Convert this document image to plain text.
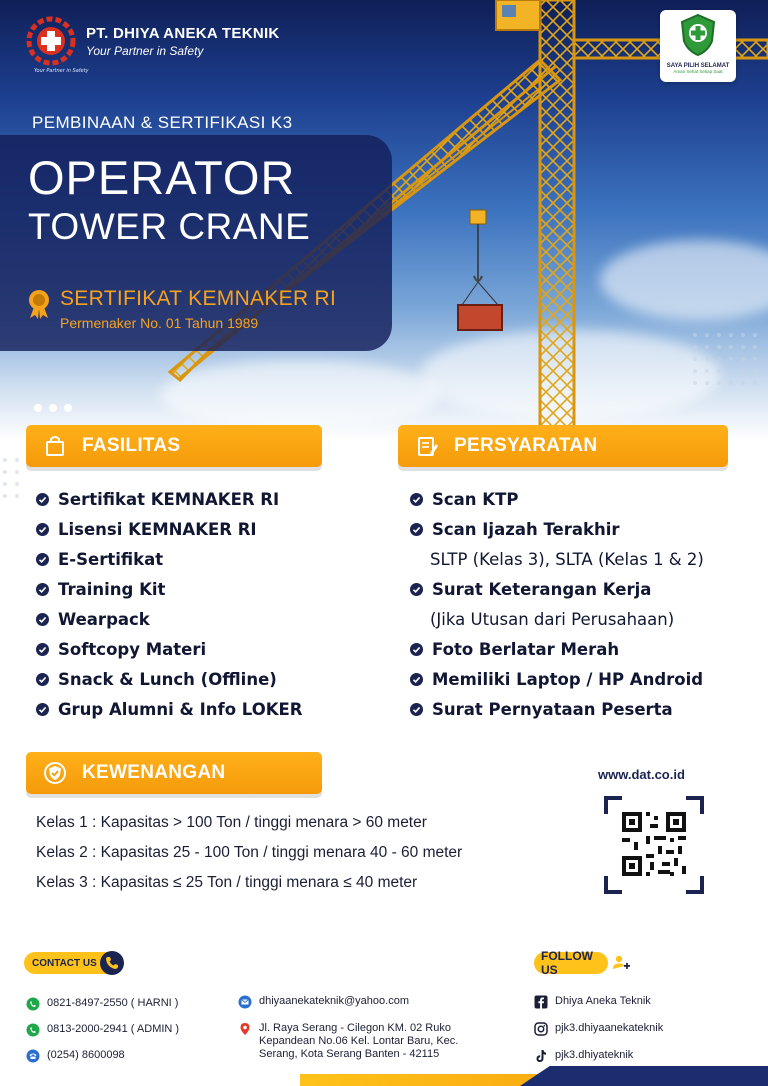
PT. DHIYA ANEKA TEKNIK
Your Partner in Safety
Your Partner in Safety
SAYA PILIH SELAMAT
Aman Sehat Setiap Saat
PEMBINAAN & SERTIFIKASI K3
OPERATOR
TOWER CRANE
SERTIFIKAT KEMNAKER RI
Permenaker No. 01 Tahun 1989
FASILITAS
Sertifikat KEMNAKER RI
Lisensi KEMNAKER RI
E-Sertifikat
Training Kit
Wearpack
Softcopy Materi
Snack & Lunch (Offline)
Grup Alumni & Info LOKER
PERSYARATAN
Scan KTP
Scan Ijazah Terakhir
SLTP (Kelas 3), SLTA (Kelas 1 & 2)
Surat Keterangan Kerja
(Jika Utusan dari Perusahaan)
Foto Berlatar Merah
Memiliki Laptop / HP Android
Surat Pernyataan Peserta
KEWENANGAN
Kelas 1 : Kapasitas > 100 Ton / tinggi menara > 60 meter
Kelas 2 : Kapasitas 25 - 100 Ton / tinggi menara 40 - 60 meter
Kelas 3 : Kapasitas ≤ 25 Ton / tinggi menara ≤ 40 meter
www.dat.co.id
CONTACT US
0821-8497-2550 ( HARNI )
0813-2000-2941 ( ADMIN )
(0254) 8600098
dhiyaanekateknik@yahoo.com
Jl. Raya Serang - Cilegon KM. 02 Ruko Kepandean No.06 Kel. Lontar Baru, Kec. Serang, Kota Serang Banten - 42115
FOLLOW US
Dhiya Aneka Teknik
pjk3.dhiyaanekateknik
pjk3.dhiyateknik
